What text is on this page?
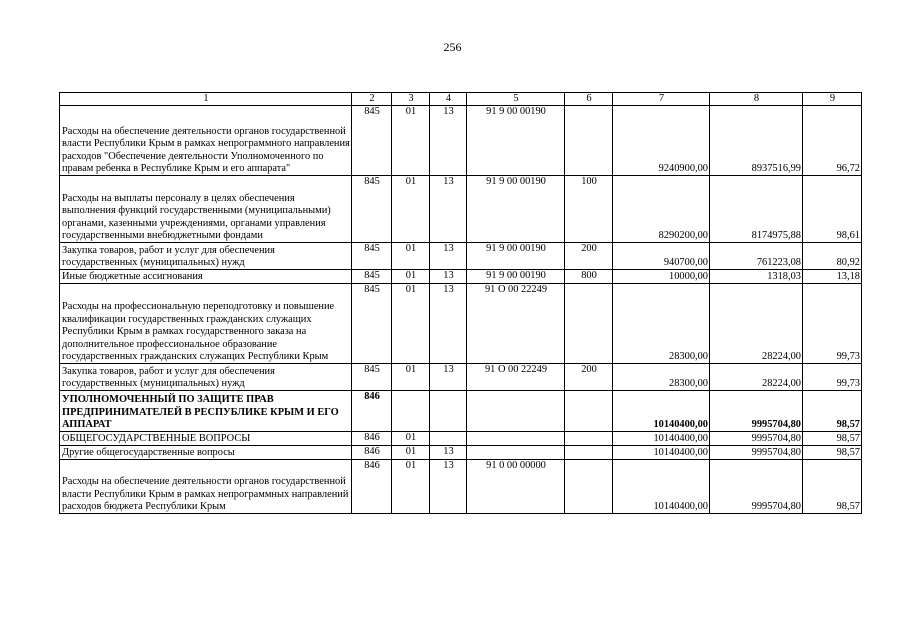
256
1	2	3	4	5	6	7	8	9
Расходы на обеспечение деятельности органов государственной власти Республики Крым в рамках непрограммного направления расходов "Обеспечение деятельности Уполномоченного по правам ребенка в Республике Крым и его аппарата"	845	01	13	91 9 00 00190		9240900,00	8937516,99	96,72
Расходы на выплаты персоналу в целях обеспечения выполнения функций государственными (муниципальными) органами, казенными учреждениями, органами управления государственными внебюджетными фондами	845	01	13	91 9 00 00190	100	8290200,00	8174975,88	98,61
Закупка товаров, работ и услуг для обеспечения государственных (муниципальных) нужд	845	01	13	91 9 00 00190	200	940700,00	761223,08	80,92
Иные бюджетные ассигнования	845	01	13	91 9 00 00190	800	10000,00	1318,03	13,18
Расходы на профессиональную переподготовку и повышение квалификации государственных гражданских служащих Республики Крым в рамках государственного заказа на дополнительное профессиональное образование государственных гражданских служащих Республики Крым	845	01	13	91 О 00 22249		28300,00	28224,00	99,73
Закупка товаров, работ и услуг для обеспечения государственных (муниципальных) нужд	845	01	13	91 О 00 22249	200	28300,00	28224,00	99,73
УПОЛНОМОЧЕННЫЙ ПО ЗАЩИТЕ ПРАВ ПРЕДПРИНИМАТЕЛЕЙ В РЕСПУБЛИКЕ КРЫМ И ЕГО АППАРАТ	846					10140400,00	9995704,80	98,57
ОБЩЕГОСУДАРСТВЕННЫЕ ВОПРОСЫ	846	01				10140400,00	9995704,80	98,57
Другие общегосударственные вопросы	846	01	13			10140400,00	9995704,80	98,57
Расходы на обеспечение деятельности органов государственной власти Республики Крым в рамках непрограммных направлений расходов бюджета Республики Крым	846	01	13	91 0 00 00000		10140400,00	9995704,80	98,57
